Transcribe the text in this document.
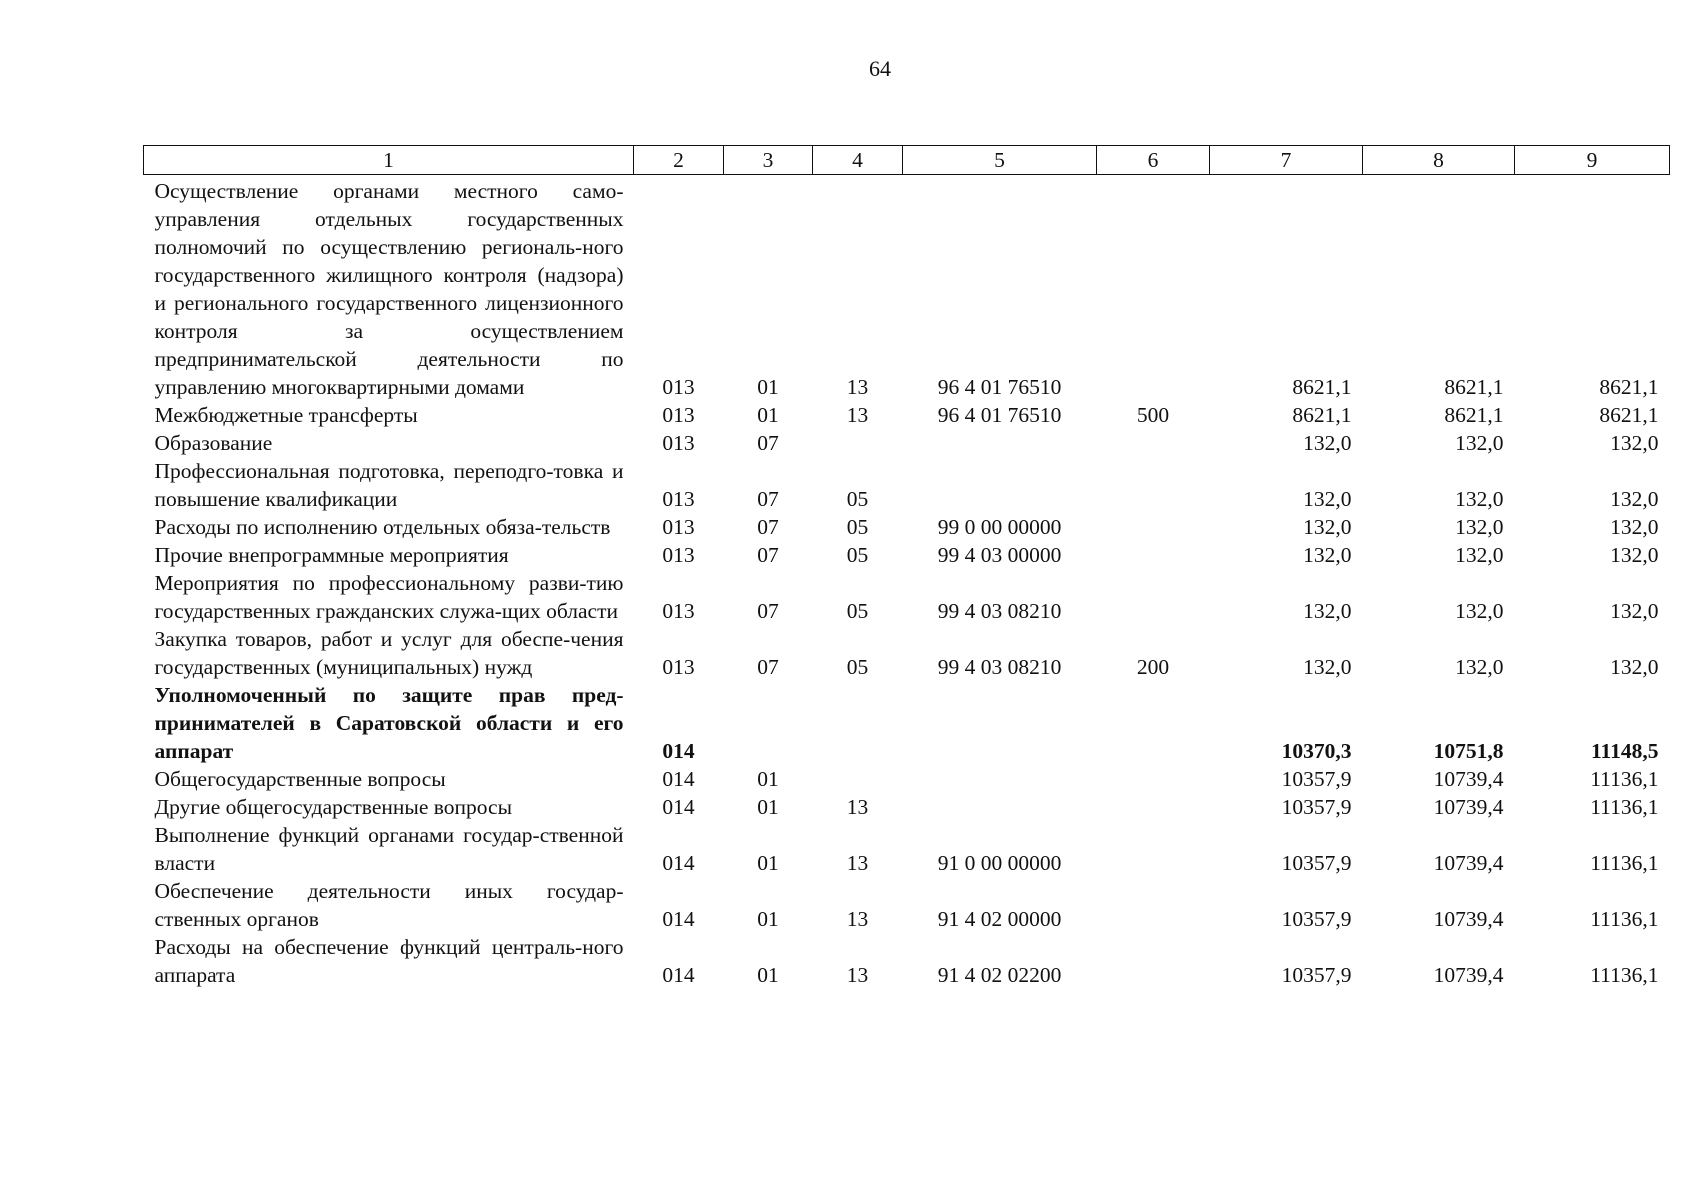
64
1	2	3	4	5	6	7	8	9
Осуществление органами местного само-управления отдельных государственных полномочий по осуществлению региональ-ного государственного жилищного контроля (надзора) и регионального государственного лицензионного контроля за осуществлением предпринимательской деятельности по управлению многоквартирными домами	013	01	13	96 4 01 76510		8621,1	8621,1	8621,1
Межбюджетные трансферты	013	01	13	96 4 01 76510	500	8621,1	8621,1	8621,1
Образование	013	07				132,0	132,0	132,0
Профессиональная подготовка, переподго-товка и повышение квалификации	013	07	05			132,0	132,0	132,0
Расходы по исполнению отдельных обяза-тельств	013	07	05	99 0 00 00000		132,0	132,0	132,0
Прочие внепрограммные мероприятия	013	07	05	99 4 03 00000		132,0	132,0	132,0
Мероприятия по профессиональному разви-тию государственных гражданских служа-щих области	013	07	05	99 4 03 08210		132,0	132,0	132,0
Закупка товаров, работ и услуг для обеспе-чения государственных (муниципальных) нужд	013	07	05	99 4 03 08210	200	132,0	132,0	132,0
Уполномоченный по защите прав пред-принимателей в Саратовской области и его аппарат	014					10370,3	10751,8	11148,5
Общегосударственные вопросы	014	01				10357,9	10739,4	11136,1
Другие общегосударственные вопросы	014	01	13			10357,9	10739,4	11136,1
Выполнение функций органами государ-ственной власти	014	01	13	91 0 00 00000		10357,9	10739,4	11136,1
Обеспечение деятельности иных государ-ственных органов	014	01	13	91 4 02 00000		10357,9	10739,4	11136,1
Расходы на обеспечение функций централь-ного аппарата	014	01	13	91 4 02 02200		10357,9	10739,4	11136,1
